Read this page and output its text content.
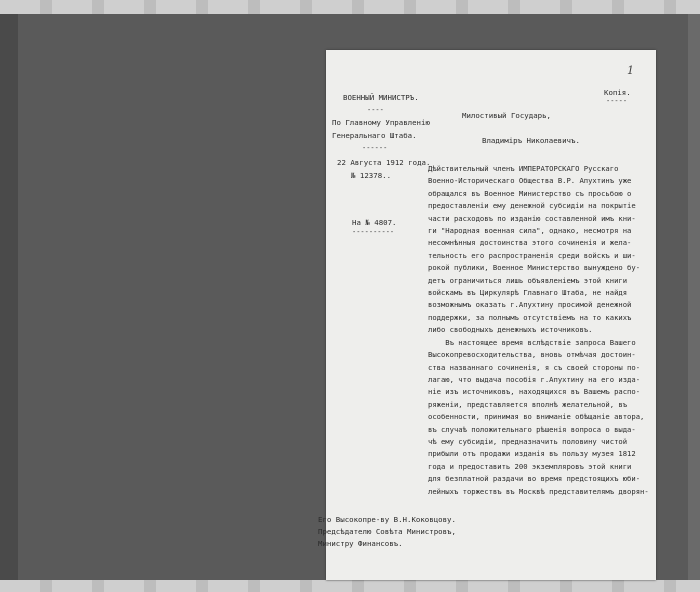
1
ВОЕННЫЙ МИНИСТРЪ.
----
По Главному Управленiю
Генеральнаго Штаба.
------
22 Августа 1912 года.
№ 12378..
На № 4807.
----------
Копiя.
-----
Милостивый Государь,
Владимiръ Николаевичъ.
Дѣйствительный членъ ИМПЕРАТОРСКАГО Русскаго
Военно-Историческаго Общества В.Р. Апухтинъ уже
обращался въ Военное Министерство съ просьбою о
предоставленiи ему денежной субсидiи на покрытiе
части расходовъ по изданiю составленной имъ кни-
ги "Народная военная сила", однако, несмотря на
несомнѣнныя достоинства этого сочиненiя и жела-
тельность его распространенiя среди войскъ и ши-
рокой публики, Военное Министерство вынуждено бу-
детъ ограничиться лишь объявленiемъ этой книги
войскамъ въ Циркулярѣ Главнаго Штаба, не найдя
возможнымъ оказать г.Апухтину просимой денежной
поддержки, за полнымъ отсутствiемъ на то какихъ
либо свободныхъ денежныхъ источниковъ.
Въ настоящее время вслѣдствiе запроса Вашего
Высокопревосходительства, вновь отмѣчая достоин-
ства названнаго сочиненiя, я съ своей стороны по-
лагаю, что выдача пособiя г.Апухтину на его изда-
нiе изъ источниковъ, находящихся въ Вашемъ распо-
ряженiи, представляется вполнѣ желательной, въ
особенности, принимая во вниманiе обѣщанiе автора,
въ случаѣ положительнаго рѣшенiя вопроса о выда-
чѣ ему субсидiи, предназначить половину чистой
прибыли отъ продажи изданiя въ пользу музея 1812
года и предоставить 200 экземпляровъ этой книги
для безплатной раздачи во время предстоящихъ юби-
лейныхъ торжествъ въ Москвѣ представителямъ дворян-
Его Высокопре-ву В.Н.Коковцову.
Предсѣдателю Совѣта Министровъ,
Министру Финансовъ.
